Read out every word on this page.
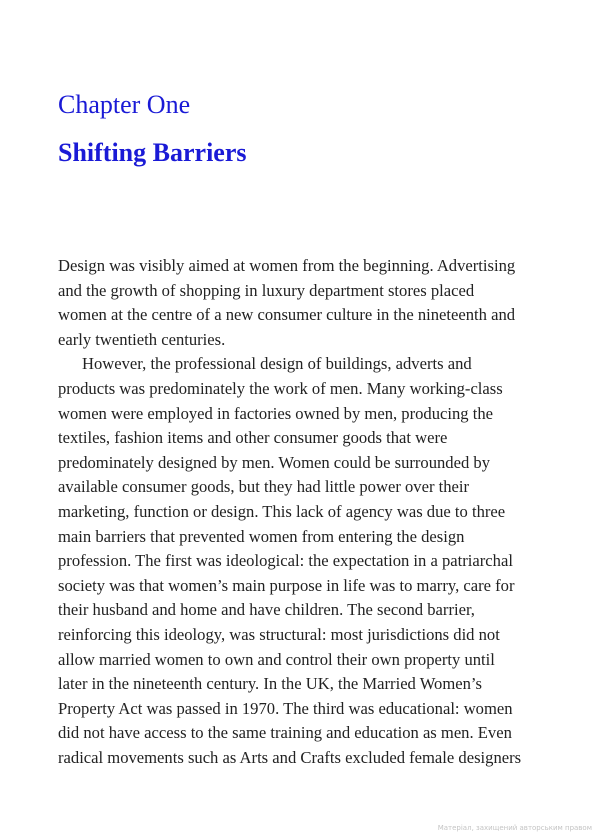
Chapter One
Shifting Barriers
Design was visibly aimed at women from the beginning. Advertising
and the growth of shopping in luxury department stores placed
women at the centre of a new consumer culture in the nineteenth and
early twentieth centuries.
However, the professional design of buildings, adverts and
products was predominately the work of men. Many working-class
women were employed in factories owned by men, producing the
textiles, fashion items and other consumer goods that were
predominately designed by men. Women could be surrounded by
available consumer goods, but they had little power over their
marketing, function or design. This lack of agency was due to three
main barriers that prevented women from entering the design
profession. The first was ideological: the expectation in a patriarchal
society was that women’s main purpose in life was to marry, care for
their husband and home and have children. The second barrier,
reinforcing this ideology, was structural: most jurisdictions did not
allow married women to own and control their own property until
later in the nineteenth century. In the UK, the Married Women’s
Property Act was passed in 1970. The third was educational: women
did not have access to the same training and education as men. Even
radical movements such as Arts and Crafts excluded female designers
Матеріал, захищений авторським правом
